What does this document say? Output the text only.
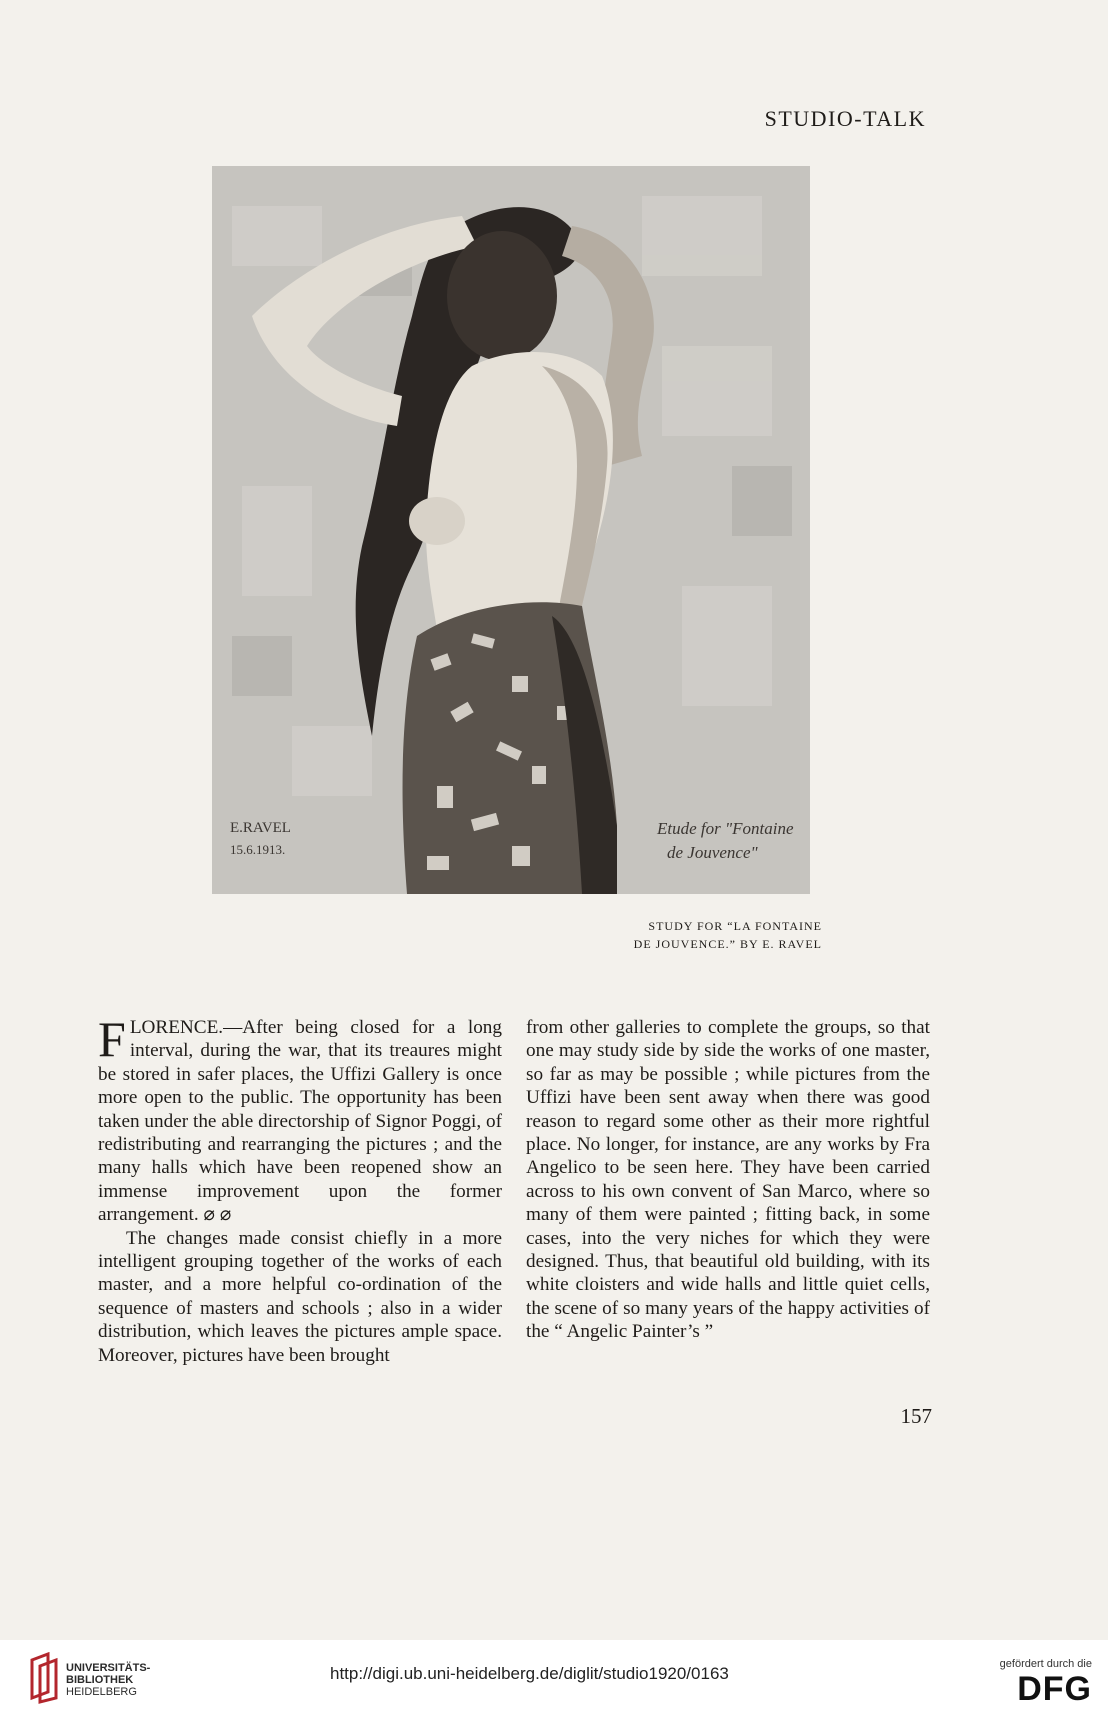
STUDIO-TALK
E.RAVEL
15.6.1913.
Etude for "Fontaine
de Jouvence"
STUDY FOR “LA FONTAINE
DE JOUVENCE.” BY E. RAVEL

FLORENCE.—After being closed for a long interval, during the war, that its treaures might be stored in safer places, the Uffizi Gallery is once more open to the public. The opportunity has been taken under the able directorship of Signor Poggi, of redistributing and rearranging the pictures ; and the many halls which have been reopened show an immense improvement upon the former arrangement. ⌀ ⌀

The changes made consist chiefly in a more intelligent grouping together of the works of each master, and a more helpful co-ordination of the sequence of masters and schools ; also in a wider distribution, which leaves the pictures ample space. Moreover, pictures have been brought

from other galleries to complete the groups, so that one may study side by side the works of one master, so far as may be possible ; while pictures from the Uffizi have been sent away when there was good reason to regard some other as their more rightful place. No longer, for instance, are any works by Fra Angelico to be seen here. They have been carried across to his own convent of San Marco, where so many of them were painted ; fitting back, in some cases, into the very niches for which they were designed. Thus, that beautiful old building, with its white cloisters and wide halls and little quiet cells, the scene of so many years of the happy activities of the “ Angelic Painter’s ”

157
UNIVERSITÄTS-
BIBLIOTHEK
HEIDELBERG
http://digi.ub.uni-heidelberg.de/diglit/studio1920/0163	gefördert durch die
DFG
